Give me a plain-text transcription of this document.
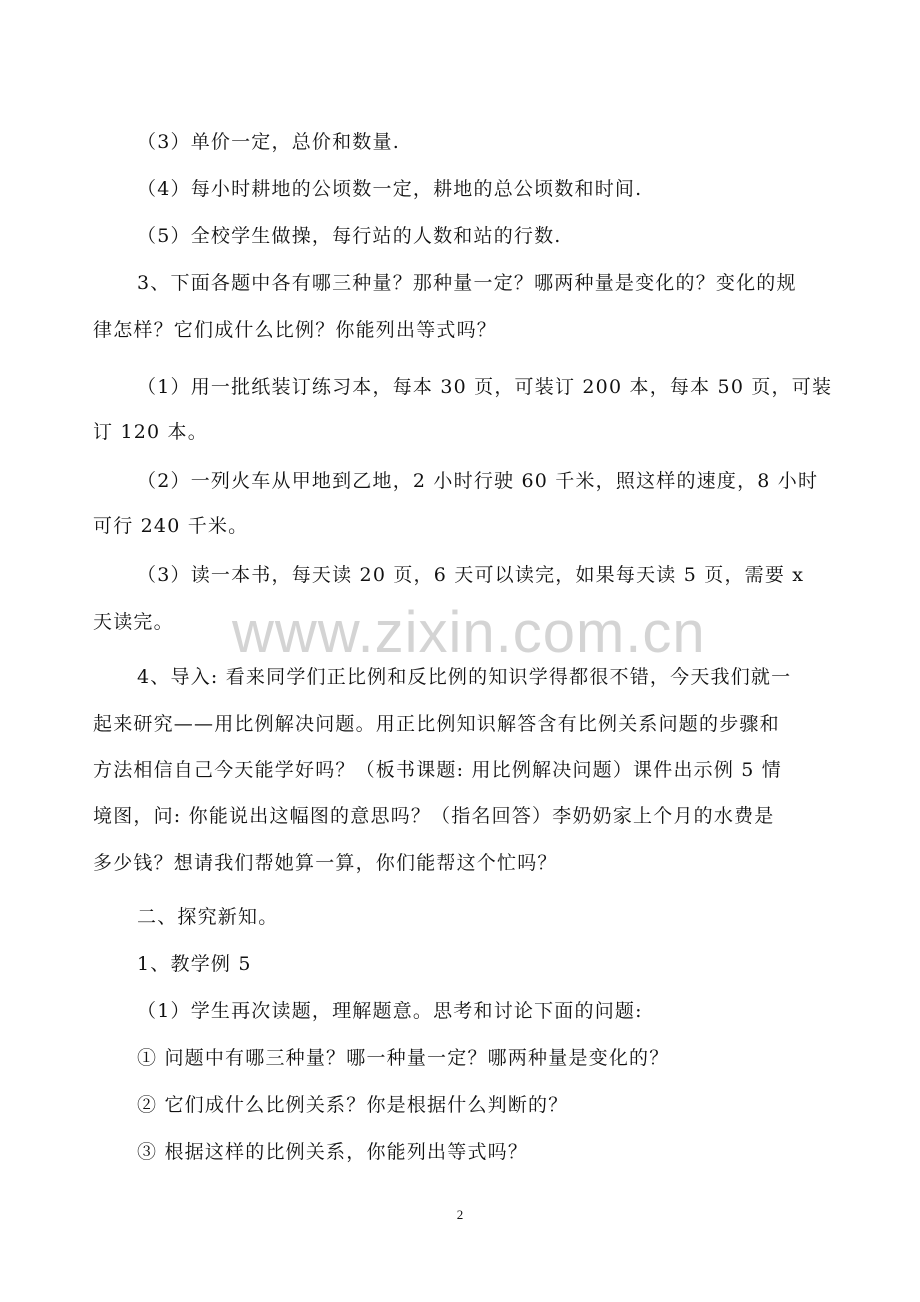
（3）单价一定，总价和数量.
（4）每小时耕地的公顷数一定，耕地的总公顷数和时间.
（5）全校学生做操，每行站的人数和站的行数.
3、下面各题中各有哪三种量？那种量一定？哪两种量是变化的？变化的规
律怎样？它们成什么比例？你能列出等式吗？
（1）用一批纸装订练习本，每本 30 页，可装订 200 本，每本 50 页，可装
订 120 本。
（2）一列火车从甲地到乙地，2 小时行驶 60 千米，照这样的速度，8 小时
可行 240 千米。
（3）读一本书，每天读 20 页，6 天可以读完，如果每天读 5 页，需要 x
天读完。 www.zixin.com.cn
4、导入: 看来同学们正比例和反比例的知识学得都很不错，今天我们就一
起来研究——用比例解决问题。用正比例知识解答含有比例关系问题的步骤和
方法相信自己今天能学好吗？（板书课题: 用比例解决问题）课件出示例 5 情
境图，问: 你能说出这幅图的意思吗？（指名回答）李奶奶家上个月的水费是
多少钱？想请我们帮她算一算，你们能帮这个忙吗？
二、探究新知。
1、教学例 5
（1）学生再次读题，理解题意。思考和讨论下面的问题:
① 问题中有哪三种量？哪一种量一定？哪两种量是变化的？
② 它们成什么比例关系？你是根据什么判断的？
③ 根据这样的比例关系，你能列出等式吗？
2
